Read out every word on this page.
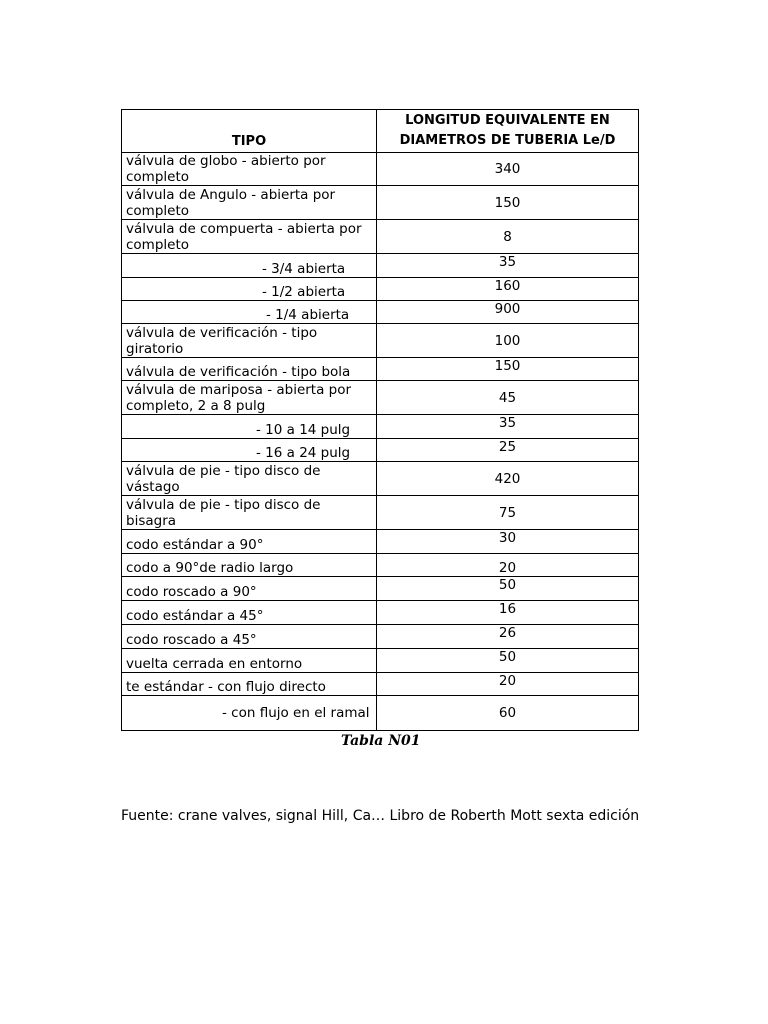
TIPO	LONGITUD EQUIVALENTE EN DIAMETROS DE TUBERIA Le/D
válvula de globo - abierto por completo	340
válvula de Angulo - abierta por completo	150
válvula de compuerta - abierta por completo	8
- 3/4 abierta	35
- 1/2 abierta	160
- 1/4 abierta	900
válvula de verificación - tipo giratorio	100
válvula de verificación - tipo bola	150
válvula de mariposa - abierta por completo, 2 a 8 pulg	45
- 10 a 14 pulg	35
- 16 a 24 pulg	25
válvula de pie - tipo disco de vástago	420
válvula de pie - tipo disco de bisagra	75
codo estándar a 90°	30
codo a 90°de radio largo	20
codo roscado a 90°	50
codo estándar a 45°	16
codo roscado a 45°	26
vuelta cerrada en entorno	50
te estándar - con flujo directo	20
- con flujo en el ramal	60
Tabla N01
Fuente: crane valves, signal Hill, Ca… Libro de Roberth Mott sexta edición
